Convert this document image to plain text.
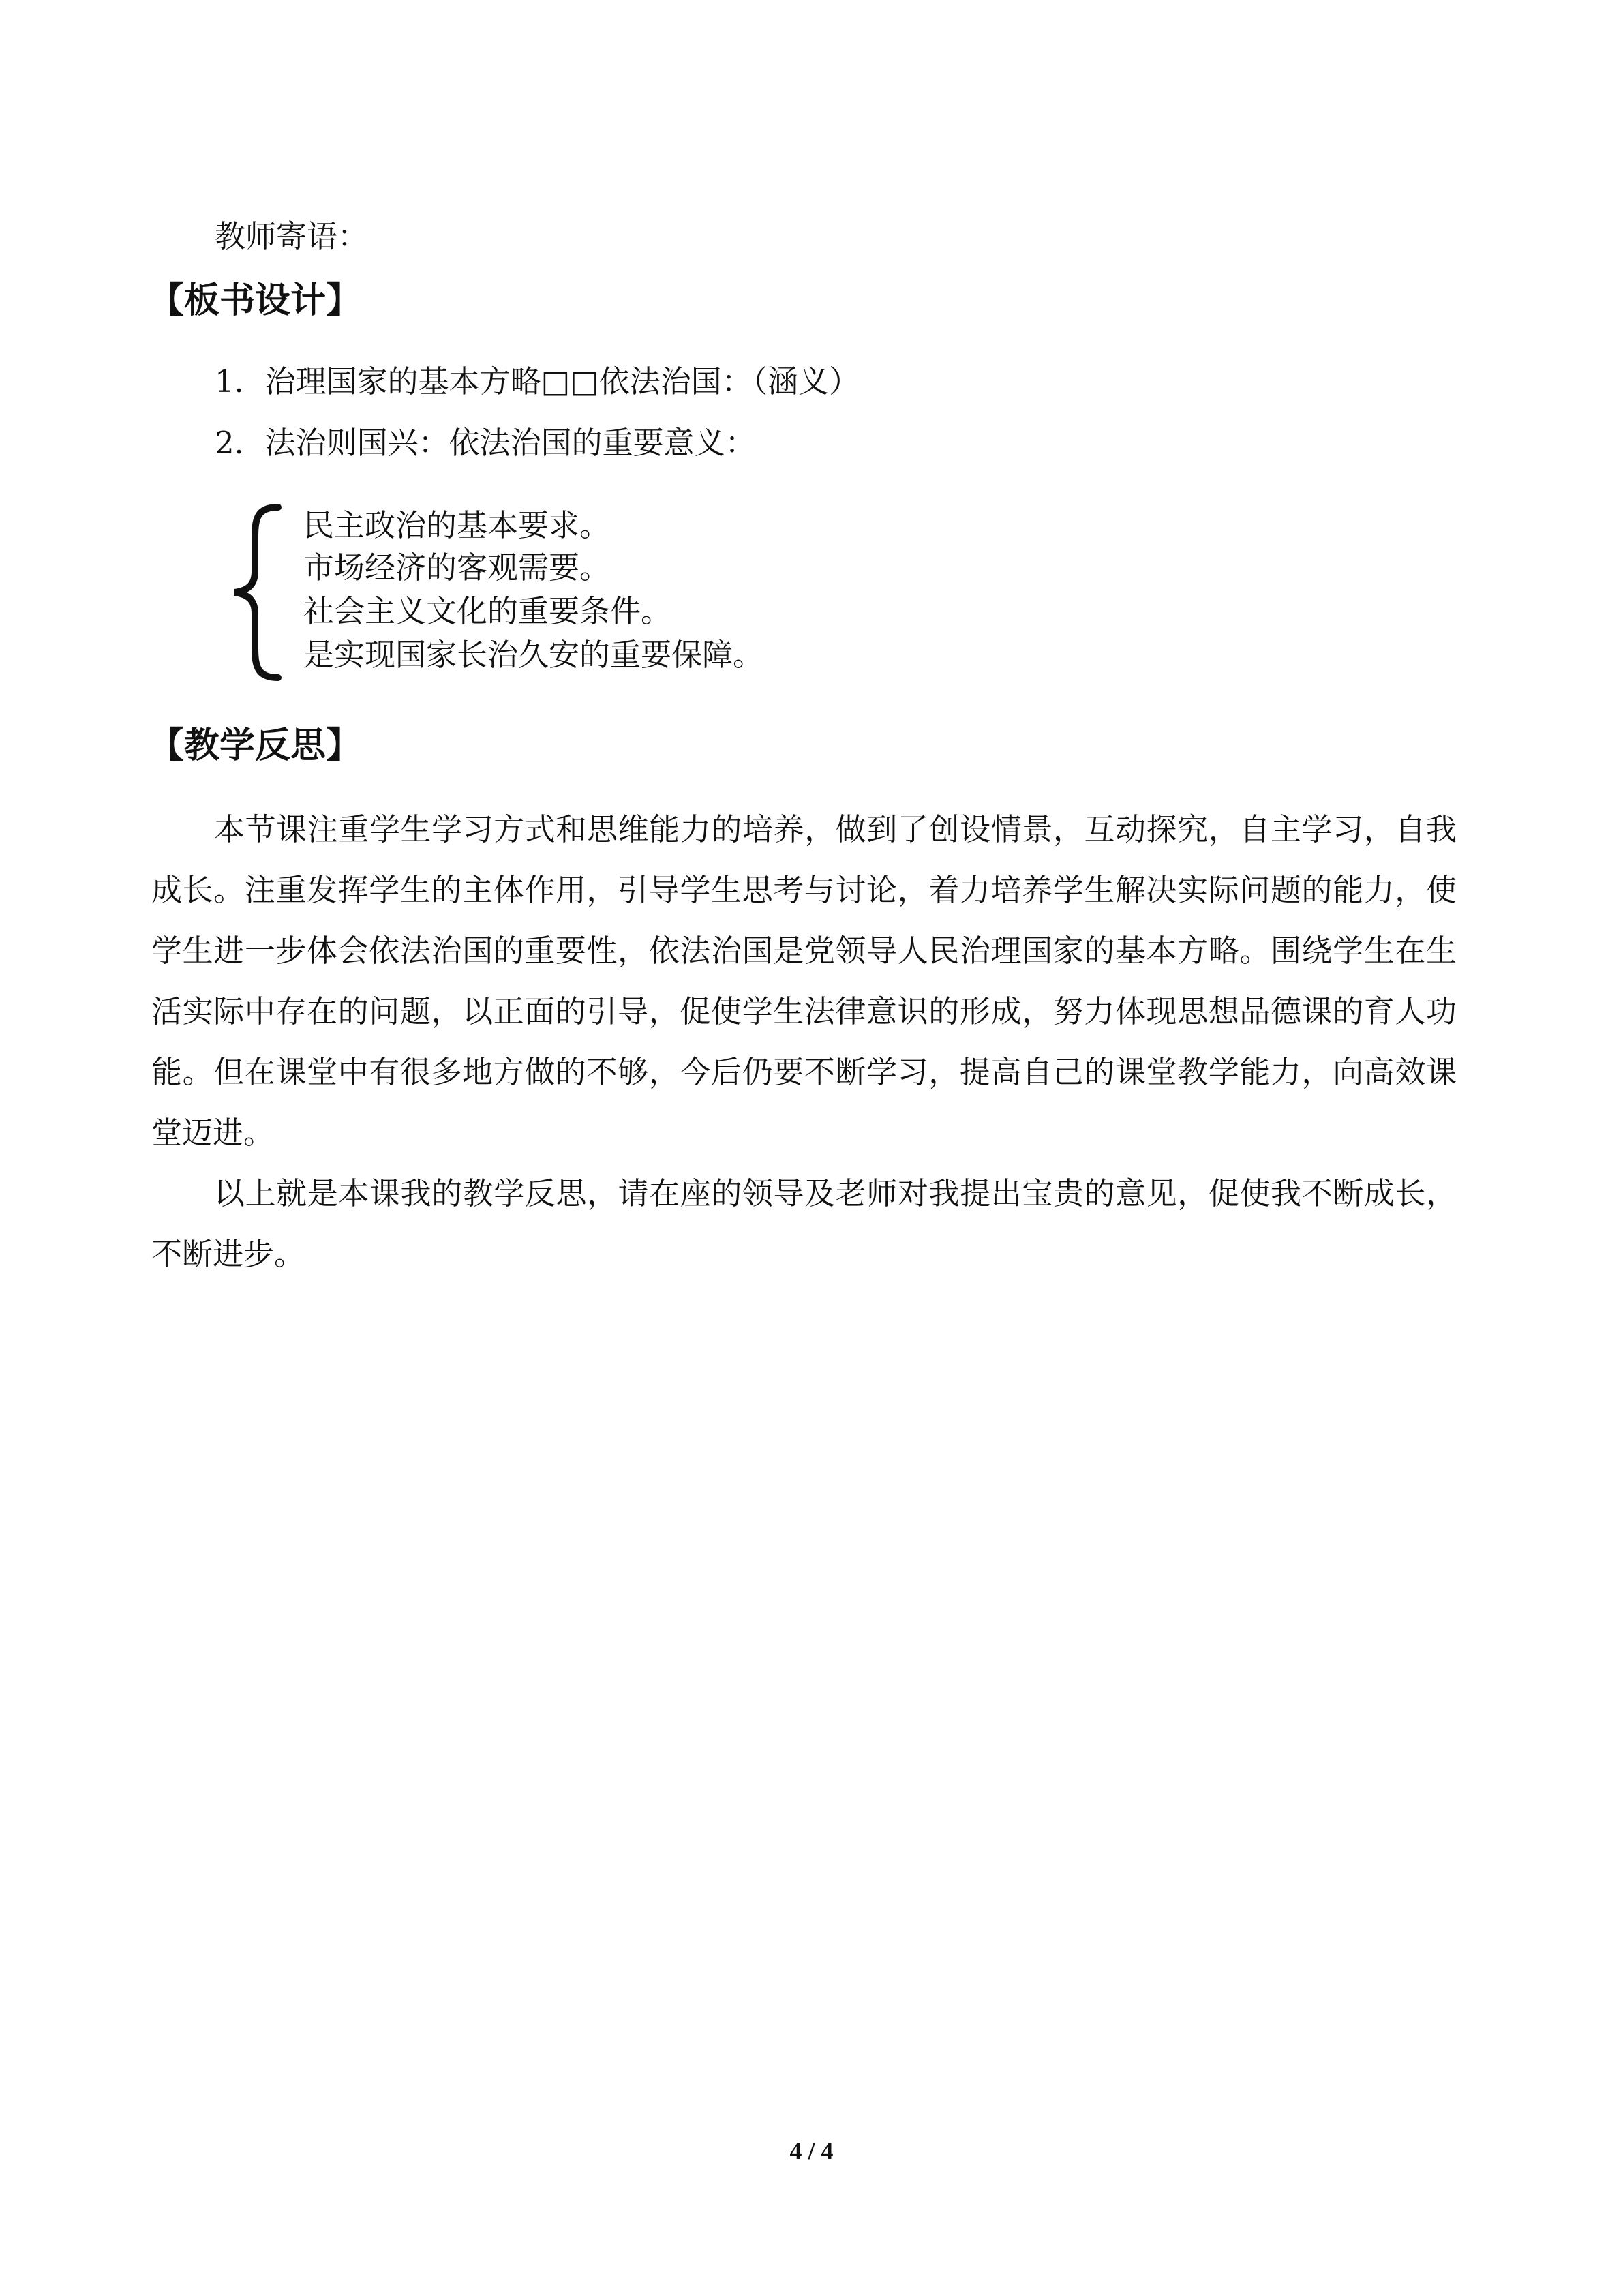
教师寄语：
【板书设计】
1．治理国家的基本方略□□依法治国：（涵义）
2．法治则国兴：依法治国的重要意义：
民主政治的基本要求。
市场经济的客观需要。
社会主义文化的重要条件。
是实现国家长治久安的重要保障。
【教学反思】
本节课注重学生学习方式和思维能力的培养，做到了创设情景，互动探究，自主学习，自我成长。注重发挥学生的主体作用，引导学生思考与讨论，着力培养学生解决实际问题的能力，使学生进一步体会依法治国的重要性，依法治国是党领导人民治理国家的基本方略。围绕学生在生活实际中存在的问题，以正面的引导，促使学生法律意识的形成，努力体现思想品德课的育人功能。但在课堂中有很多地方做的不够，今后仍要不断学习，提高自己的课堂教学能力，向高效课堂迈进。
以上就是本课我的教学反思，请在座的领导及老师对我提出宝贵的意见，促使我不断成长，不断进步。
4 / 4
